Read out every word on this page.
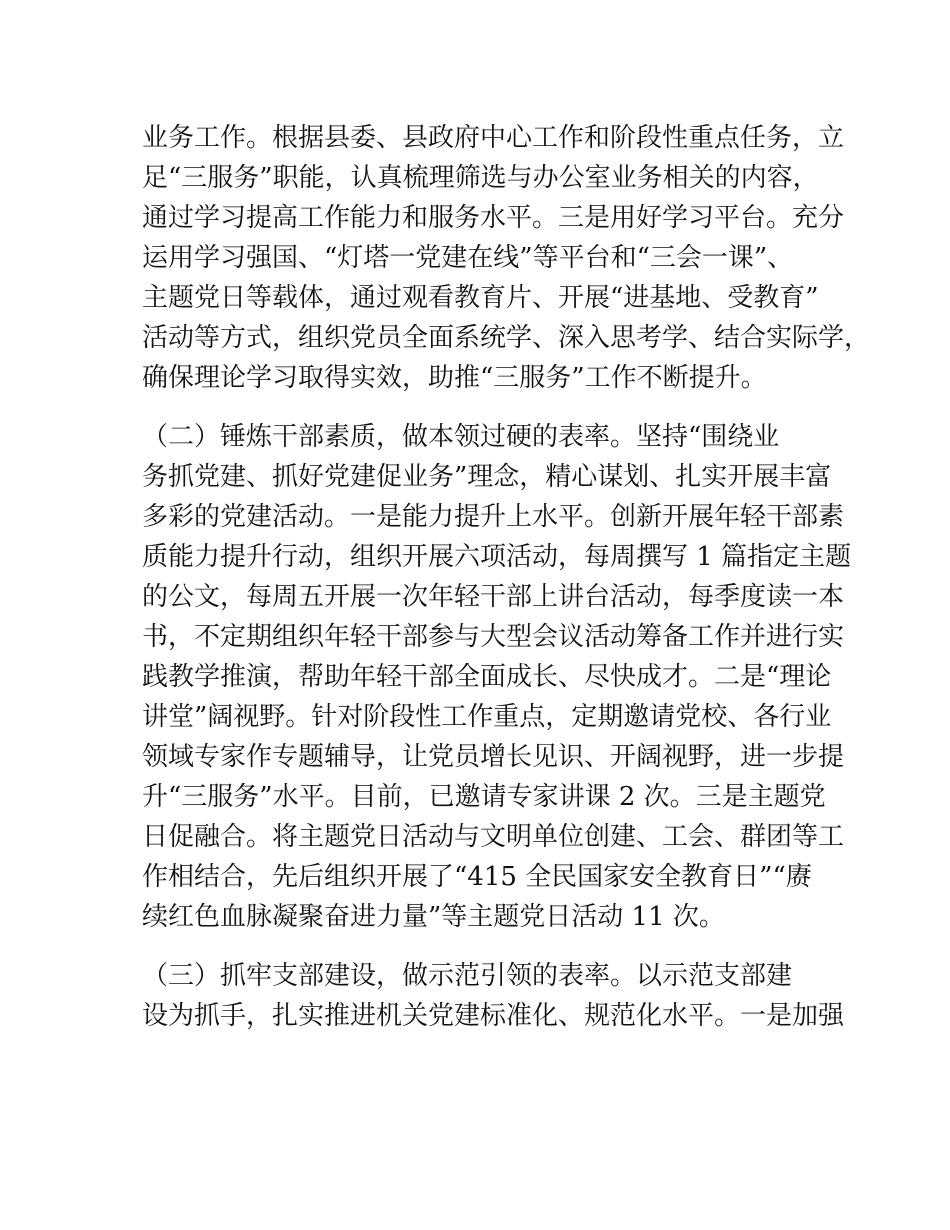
业务工作。根据县委、县政府中心工作和阶段性重点任务，立
足“三服务”职能，认真梳理筛选与办公室业务相关的内容，
通过学习提高工作能力和服务水平。三是用好学习平台。充分
运用学习强国、“灯塔一党建在线”等平台和“三会一课”、
主题党日等载体，通过观看教育片、开展“进基地、受教育”
活动等方式，组织党员全面系统学、深入思考学、结合实际学，
确保理论学习取得实效，助推“三服务”工作不断提升。
（二）锤炼干部素质，做本领过硬的表率。坚持“围绕业
务抓党建、抓好党建促业务”理念，精心谋划、扎实开展丰富
多彩的党建活动。一是能力提升上水平。创新开展年轻干部素
质能力提升行动，组织开展六项活动，每周撰写 1 篇指定主题
的公文，每周五开展一次年轻干部上讲台活动，每季度读一本
书，不定期组织年轻干部参与大型会议活动筹备工作并进行实
践教学推演，帮助年轻干部全面成长、尽快成才。二是“理论
讲堂”阔视野。针对阶段性工作重点，定期邀请党校、各行业
领域专家作专题辅导，让党员增长见识、开阔视野，进一步提
升“三服务”水平。目前，已邀请专家讲课 2 次。三是主题党
日促融合。将主题党日活动与文明单位创建、工会、群团等工
作相结合，先后组织开展了“415 全民国家安全教育日”“赓
续红色血脉凝聚奋进力量”等主题党日活动 11 次。
（三）抓牢支部建设，做示范引领的表率。以示范支部建
设为抓手，扎实推进机关党建标准化、规范化水平。一是加强
